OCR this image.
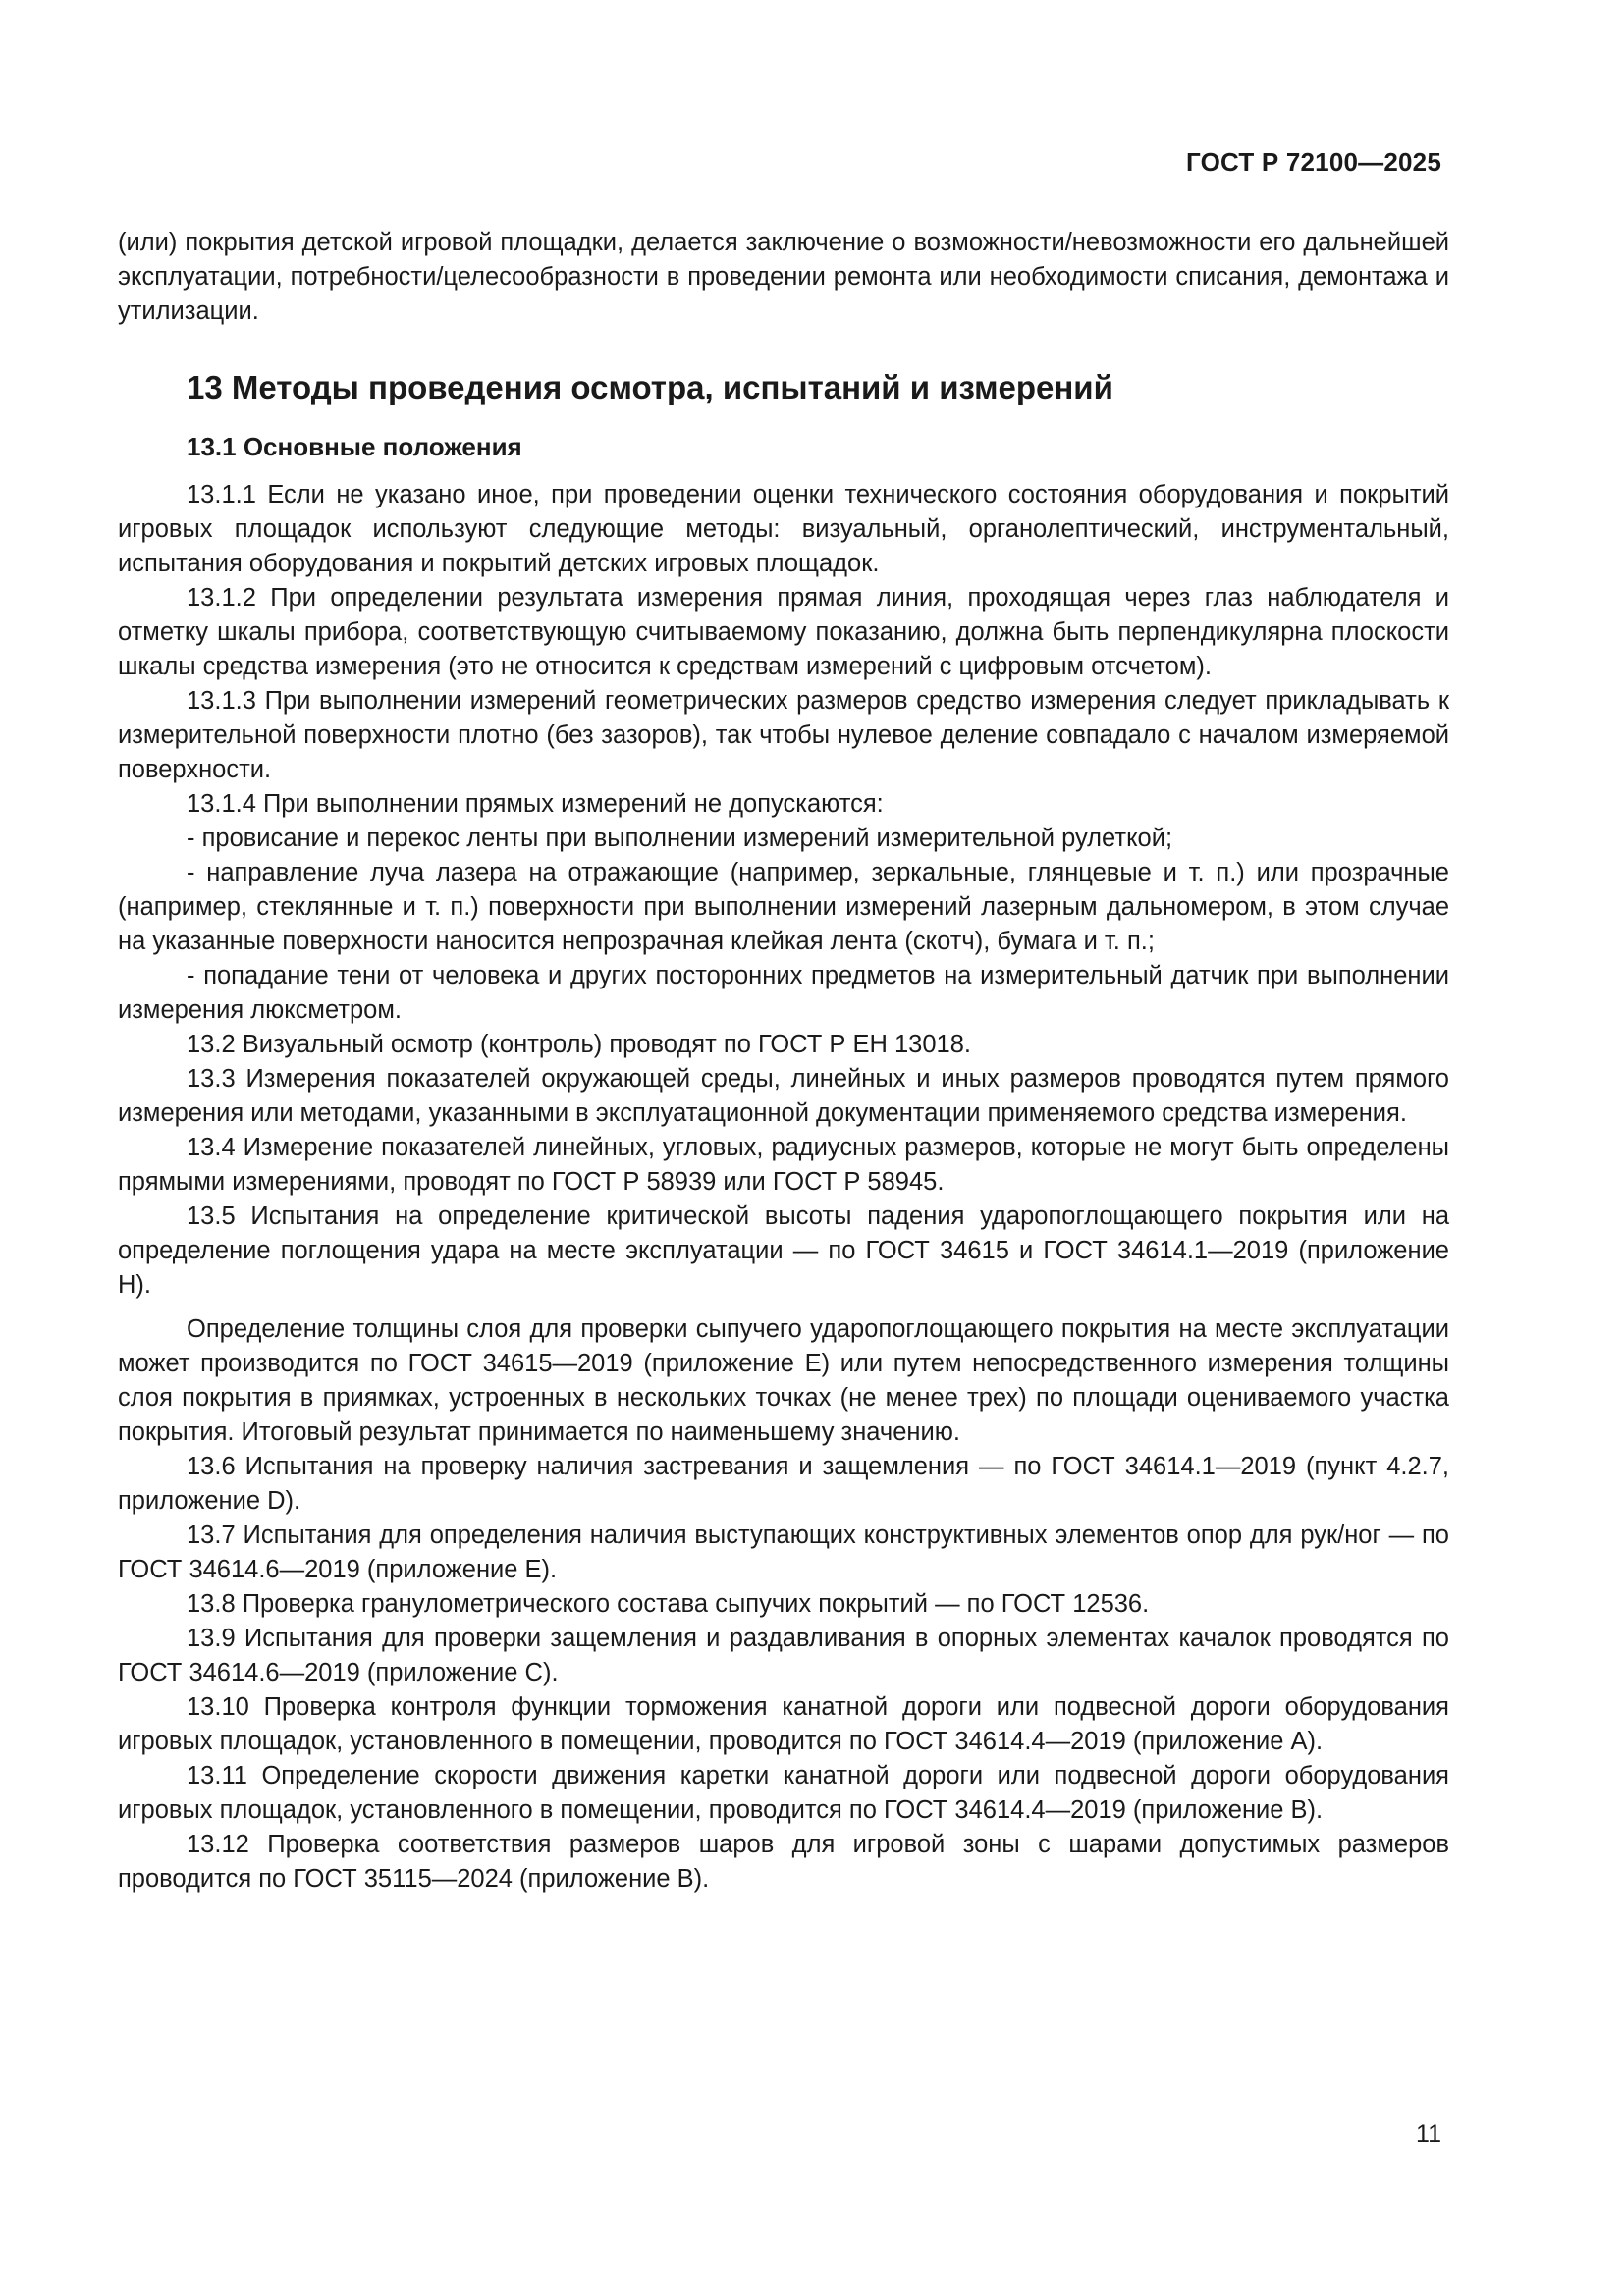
ГОСТ Р 72100—2025

(или) покрытия детской игровой площадки, делается заключение о возможности/невозможности его дальнейшей эксплуатации, потребности/целесообразности в проведении ремонта или необходимости списания, демонтажа и утилизации.

13 Методы проведения осмотра, испытаний и измерений
13.1 Основные положения

13.1.1 Если не указано иное, при проведении оценки технического состояния оборудования и покрытий игровых площадок используют следующие методы: визуальный, органолептический, инструментальный, испытания оборудования и покрытий детских игровых площадок.

13.1.2 При определении результата измерения прямая линия, проходящая через глаз наблюдателя и отметку шкалы прибора, соответствующую считываемому показанию, должна быть перпендикулярна плоскости шкалы средства измерения (это не относится к средствам измерений с цифровым отсчетом).

13.1.3 При выполнении измерений геометрических размеров средство измерения следует прикладывать к измерительной поверхности плотно (без зазоров), так чтобы нулевое деление совпадало с началом измеряемой поверхности.

13.1.4 При выполнении прямых измерений не допускаются:

- провисание и перекос ленты при выполнении измерений измерительной рулеткой;

- направление луча лазера на отражающие (например, зеркальные, глянцевые и т. п.) или прозрачные (например, стеклянные и т. п.) поверхности при выполнении измерений лазерным дальномером, в этом случае на указанные поверхности наносится непрозрачная клейкая лента (скотч), бумага и т. п.;

- попадание тени от человека и других посторонних предметов на измерительный датчик при выполнении измерения люксметром.

13.2 Визуальный осмотр (контроль) проводят по ГОСТ Р ЕН 13018.

13.3 Измерения показателей окружающей среды, линейных и иных размеров проводятся путем прямого измерения или методами, указанными в эксплуатационной документации применяемого средства измерения.

13.4 Измерение показателей линейных, угловых, радиусных размеров, которые не могут быть определены прямыми измерениями, проводят по ГОСТ Р 58939 или ГОСТ Р 58945.

13.5 Испытания на определение критической высоты падения ударопоглощающего покрытия или на определение поглощения удара на месте эксплуатации — по ГОСТ 34615 и ГОСТ 34614.1—2019 (приложение Н).

Определение толщины слоя для проверки сыпучего ударопоглощающего покрытия на месте эксплуатации может производится по ГОСТ 34615—2019 (приложение Е) или путем непосредственного измерения толщины слоя покрытия в приямках, устроенных в нескольких точках (не менее трех) по площади оцениваемого участка покрытия. Итоговый результат принимается по наименьшему значению.

13.6 Испытания на проверку наличия застревания и защемления — по ГОСТ 34614.1—2019 (пункт 4.2.7, приложение D).

13.7 Испытания для определения наличия выступающих конструктивных элементов опор для рук/ног — по ГОСТ 34614.6—2019 (приложение Е).

13.8 Проверка гранулометрического состава сыпучих покрытий — по ГОСТ 12536.

13.9 Испытания для проверки защемления и раздавливания в опорных элементах качалок проводятся по ГОСТ 34614.6—2019 (приложение С).

13.10 Проверка контроля функции торможения канатной дороги или подвесной дороги оборудования игровых площадок, установленного в помещении, проводится по ГОСТ 34614.4—2019 (приложение А).

13.11 Определение скорости движения каретки канатной дороги или подвесной дороги оборудования игровых площадок, установленного в помещении, проводится по ГОСТ 34614.4—2019 (приложение В).

13.12 Проверка соответствия размеров шаров для игровой зоны с шарами допустимых размеров проводится по ГОСТ 35115—2024 (приложение В).

11
